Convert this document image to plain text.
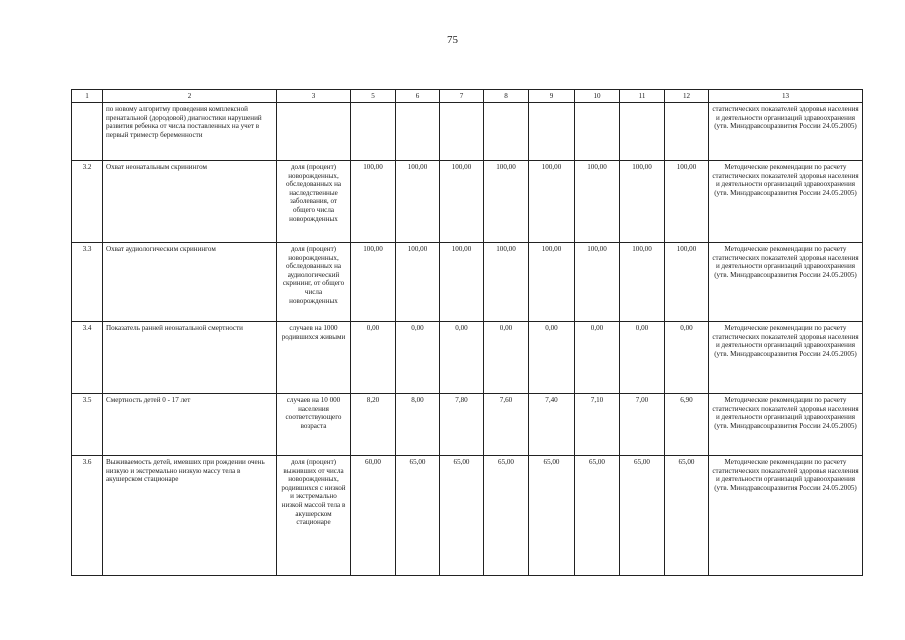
75
1	2	3	5	6	7	8	9	10	11	12	13
	по новому алгоритму проведения комплексной пренатальной (дородовой) диагностики нарушений развития ребенка от числа поставленных на учет в первый триместр беременности										статистических показателей здоровья населения и деятельности организаций здравоохранения (утв. Минздравсоцразвития России 24.05.2005)
3.2	Охват неонатальным скринингом	доля (процент) новорожденных, обследованных на наследственные заболевания, от общего числа новорожденных	100,00	100,00	100,00	100,00	100,00	100,00	100,00	100,00	Методические рекомендации по расчету статистических показателей здоровья населения и деятельности организаций здравоохранения (утв. Минздравсоцразвития России 24.05.2005)
3.3	Охват аудиологическим скринингом	доля (процент) новорожденных, обследованных на аудиологический скрининг, от общего числа новорожденных	100,00	100,00	100,00	100,00	100,00	100,00	100,00	100,00	Методические рекомендации по расчету статистических показателей здоровья населения и деятельности организаций здравоохранения (утв. Минздравсоцразвития России 24.05.2005)
3.4	Показатель ранней неонатальной смертности	случаев на 1000 родившихся живыми	0,00	0,00	0,00	0,00	0,00	0,00	0,00	0,00	Методические рекомендации по расчету статистических показателей здоровья населения и деятельности организаций здравоохранения (утв. Минздравсоцразвития России 24.05.2005)
3.5	Смертность детей 0 - 17 лет	случаев на 10 000 населения соответствующего возраста	8,20	8,00	7,80	7,60	7,40	7,10	7,00	6,90	Методические рекомендации по расчету статистических показателей здоровья населения и деятельности организаций здравоохранения (утв. Минздравсоцразвития России 24.05.2005)
3.6	Выживаемость детей, имевших при рождении очень низкую и экстремально низкую массу тела в акушерском стационаре	доля (процент) выживших от числа новорожденных, родившихся с низкой и экстремально низкой массой тела в акушерском стационаре	60,00	65,00	65,00	65,00	65,00	65,00	65,00	65,00	Методические рекомендации по расчету статистических показателей здоровья населения и деятельности организаций здравоохранения (утв. Минздравсоцразвития России 24.05.2005)
